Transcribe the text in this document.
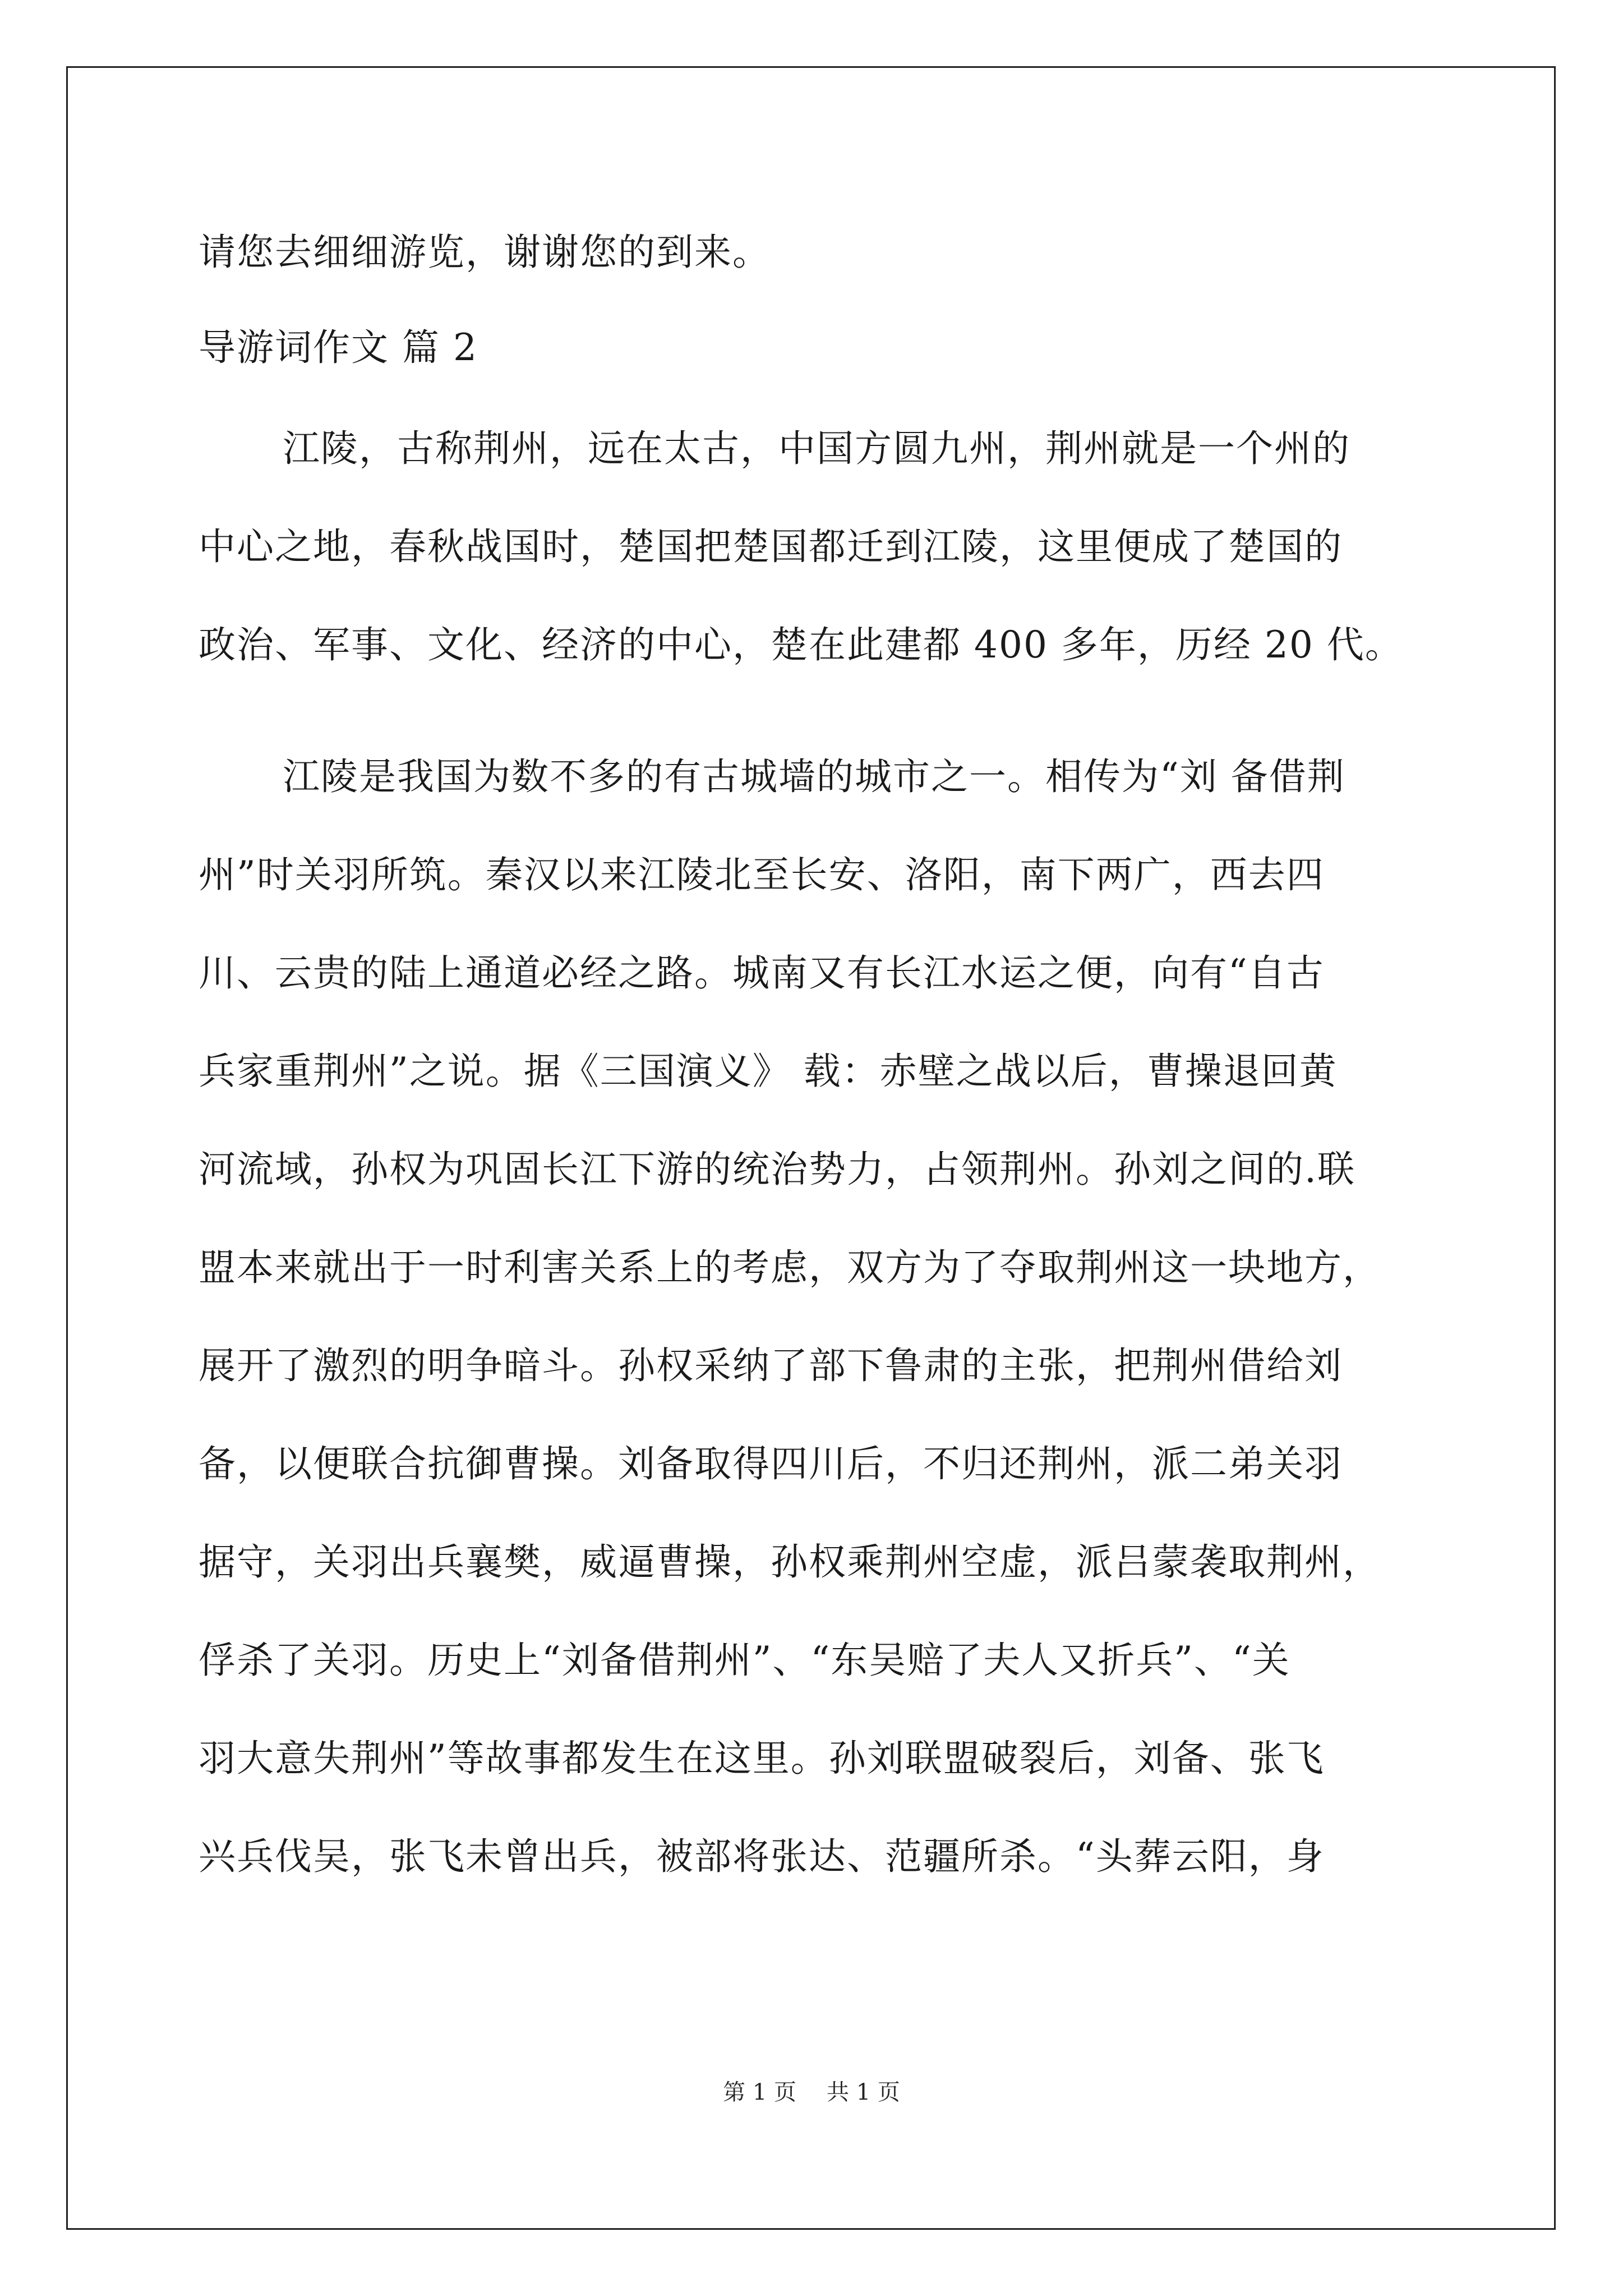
请您去细细游览，谢谢您的到来。
导游词作文 篇 2
江陵，古称荆州，远在太古，中国方圆九州，荆州就是一个州的
中心之地，春秋战国时，楚国把楚国都迁到江陵，这里便成了楚国的
政治、军事、文化、经济的中心，楚在此建都 400 多年，历经 20 代。
江陵是我国为数不多的有古城墙的城市之一。相传为“刘 备借荆
州”时关羽所筑。秦汉以来江陵北至长安、洛阳，南下两广，西去四
川、云贵的陆上通道必经之路。城南又有长江水运之便，向有“自古
兵家重荆州”之说。据《三国演义》 载：赤壁之战以后，曹操退回黄
河流域，孙权为巩固长江下游的统治势力，占领荆州。孙刘之间的.联
盟本来就出于一时利害关系上的考虑，双方为了夺取荆州这一块地方，
展开了激烈的明争暗斗。孙权采纳了部下鲁肃的主张，把荆州借给刘
备，以便联合抗御曹操。刘备取得四川后，不归还荆州，派二弟关羽
据守，关羽出兵襄樊，威逼曹操，孙权乘荆州空虚，派吕蒙袭取荆州，
俘杀了关羽。历史上“刘备借荆州”、“东吴赔了夫人又折兵”、“关
羽大意失荆州”等故事都发生在这里。孙刘联盟破裂后，刘备、张飞
兴兵伐吴，张飞未曾出兵，被部将张达、范疆所杀。“头葬云阳，身
第 1 页 共 1 页
